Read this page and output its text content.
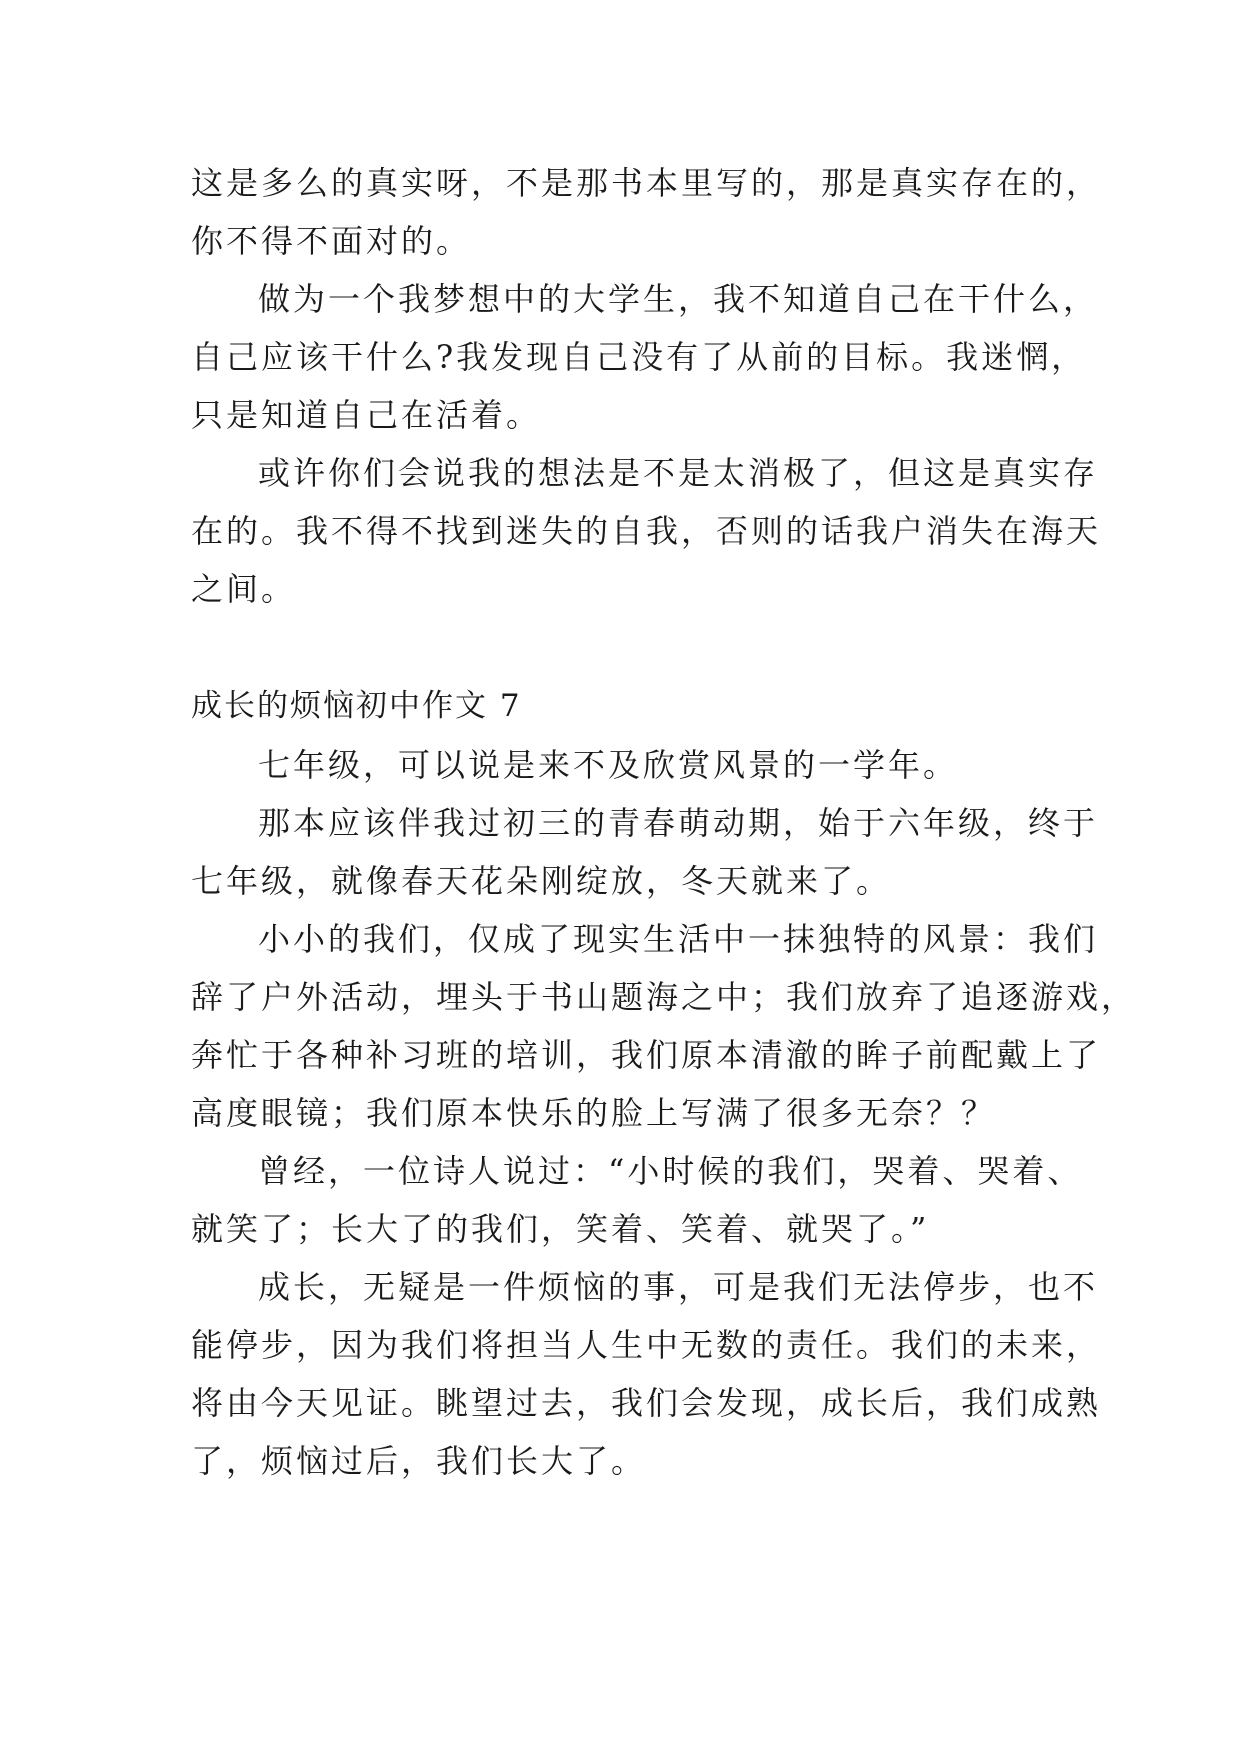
这是多么的真实呀，不是那书本里写的，那是真实存在的，
你不得不面对的。
做为一个我梦想中的大学生，我不知道自己在干什么，
自己应该干什么?我发现自己没有了从前的目标。我迷惘，
只是知道自己在活着。
或许你们会说我的想法是不是太消极了，但这是真实存
在的。我不得不找到迷失的自我，否则的话我户消失在海天
之间。
成长的烦恼初中作文 7
七年级，可以说是来不及欣赏风景的一学年。
那本应该伴我过初三的青春萌动期，始于六年级，终于
七年级，就像春天花朵刚绽放，冬天就来了。
小小的我们，仅成了现实生活中一抹独特的风景：我们
辞了户外活动，埋头于书山题海之中；我们放弃了追逐游戏，
奔忙于各种补习班的培训，我们原本清澈的眸子前配戴上了
高度眼镜；我们原本快乐的脸上写满了很多无奈？？
曾经，一位诗人说过：“小时候的我们，哭着、哭着、
就笑了；长大了的我们，笑着、笑着、就哭了。”
成长，无疑是一件烦恼的事，可是我们无法停步，也不
能停步，因为我们将担当人生中无数的责任。我们的未来，
将由今天见证。眺望过去，我们会发现，成长后，我们成熟
了，烦恼过后，我们长大了。
